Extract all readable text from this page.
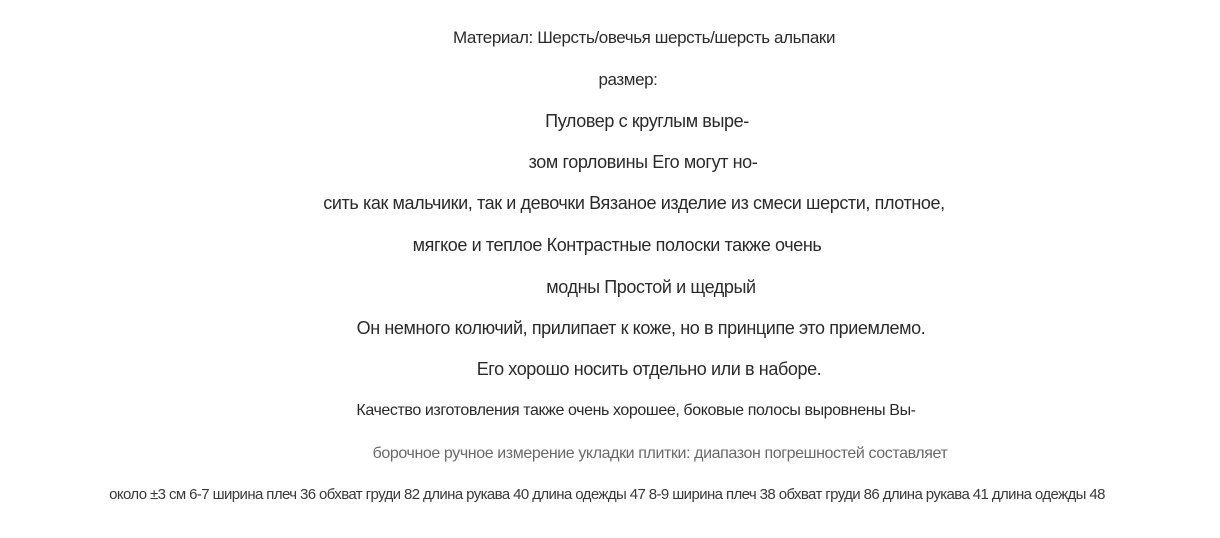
Материал: Шерсть/овечья шерсть/шерсть альпаки
размер:
Пуловер с круглым выре-
зом горловины Его могут но-
сить как мальчики, так и девочки Вязаное изделие из смеси шерсти, плотное,
мягкое и теплое Контрастные полоски также очень
модны Простой и щедрый
Он немного колючий, прилипает к коже, но в принципе это приемлемо.
Его хорошо носить отдельно или в наборе.
Качество изготовления также очень хорошее, боковые полосы выровнены Вы-
борочное ручное измерение укладки плитки: диапазон погрешностей составляет
около ±3 см 6-7 ширина плеч 36 обхват груди 82 длина рукава 40 длина одежды 47 8-9 ширина плеч 38 обхват груди 86 длина рукава 41 длина одежды 48
